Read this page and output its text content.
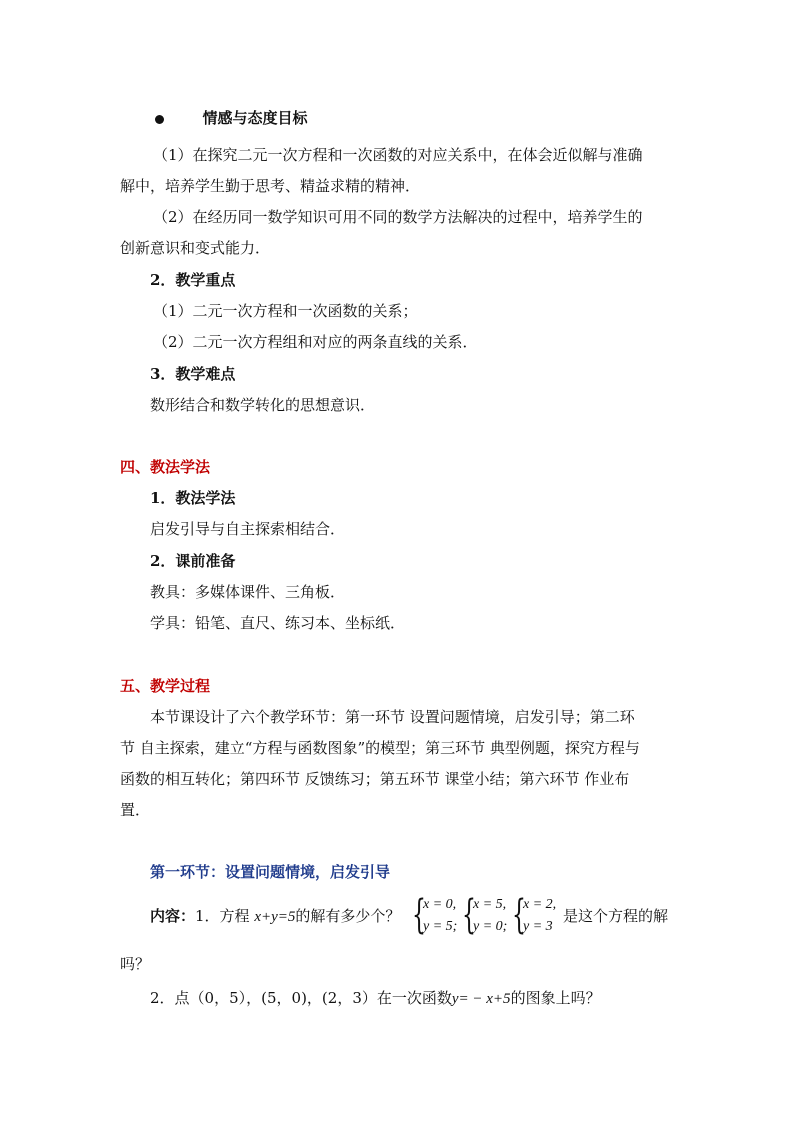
情感与态度目标
（1）在探究二元一次方程和一次函数的对应关系中，在体会近似解与准确
解中，培养学生勤于思考、精益求精的精神．
（2）在经历同一数学知识可用不同的数学方法解决的过程中，培养学生的
创新意识和变式能力．
2．教学重点
（1）二元一次方程和一次函数的关系；
（2）二元一次方程组和对应的两条直线的关系．
3．教学难点
数形结合和数学转化的思想意识．
四、教法学法
1．教法学法
启发引导与自主探索相结合．
2．课前准备
教具：多媒体课件、三角板．
学具：铅笔、直尺、练习本、坐标纸．
五、教学过程
本节课设计了六个教学环节：第一环节 设置问题情境，启发引导；第二环
节 自主探索，建立“方程与函数图象”的模型；第三环节 典型例题，探究方程与
函数的相互转化；第四环节 反馈练习；第五环节 课堂小结；第六环节 作业布
置．
第一环节：设置问题情境，启发引导
内容：1．方程 x+y=5的解有多少个？ {
x = 0,
y = 5; {
x = 5,
y = 0; {
x = 2,
y = 3
是这个方程的解
吗？
2．点（0，5），(5，0)，(2，3）在一次函数y= − x+5的图象上吗？
